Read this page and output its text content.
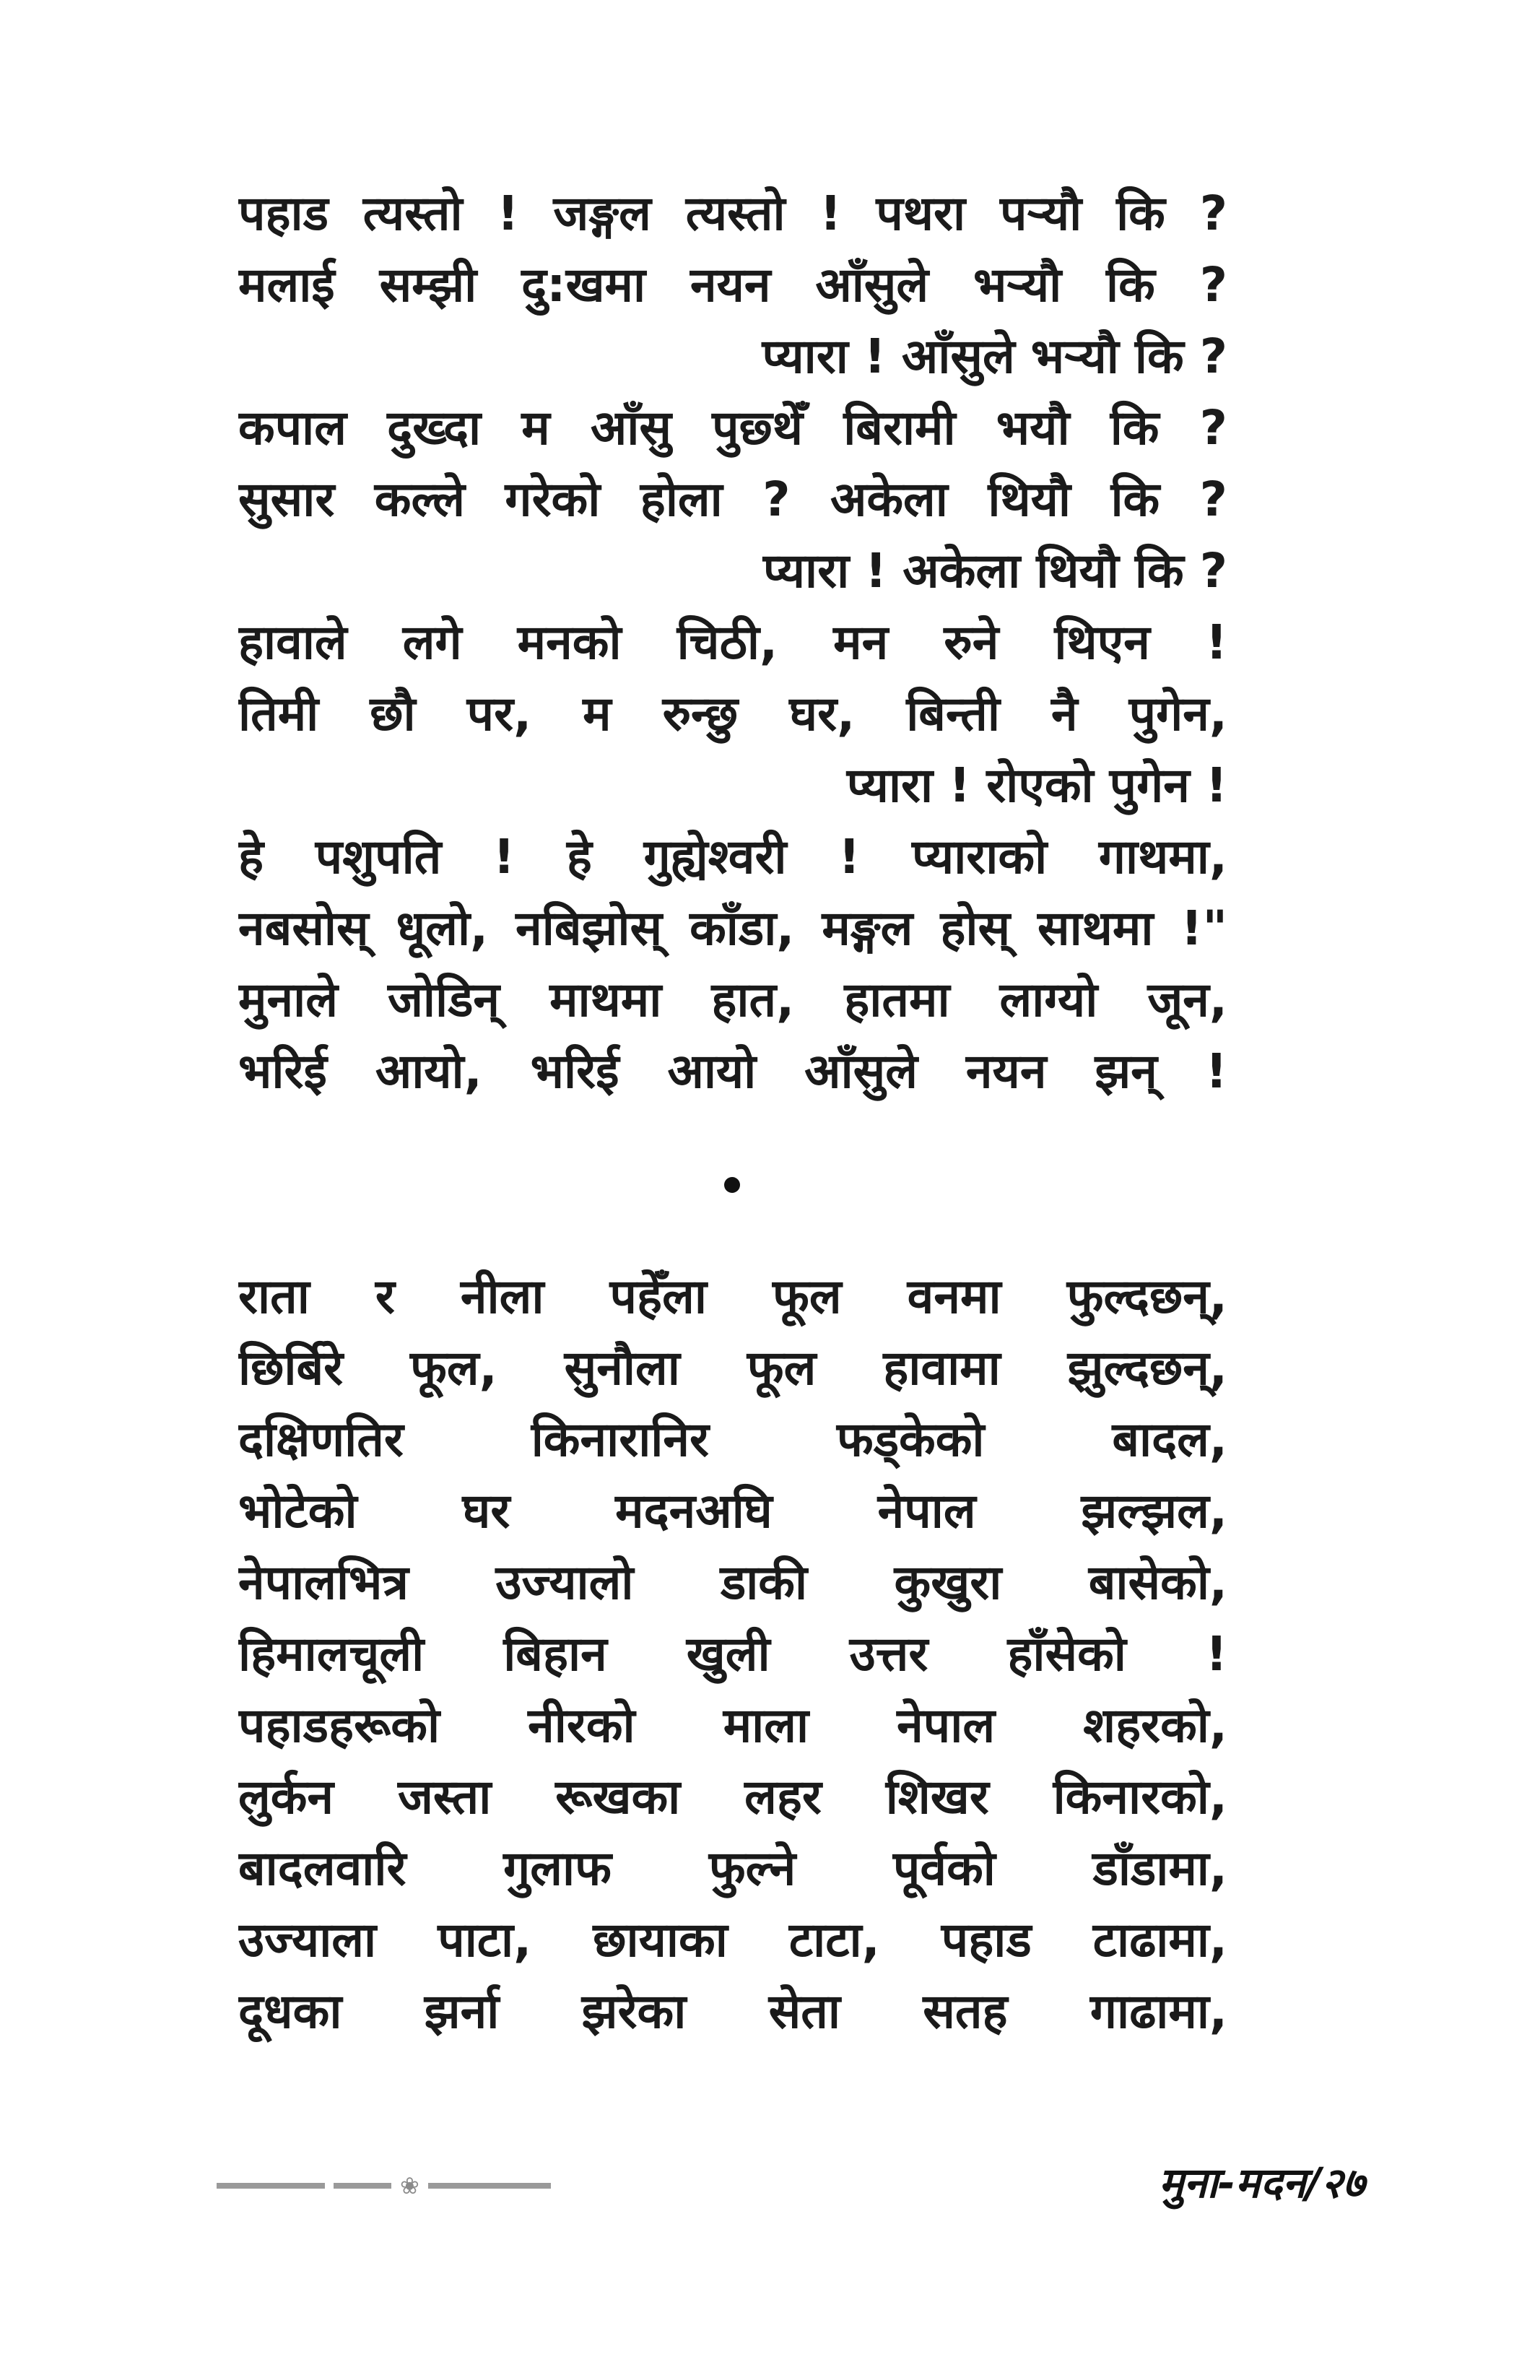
पहाड त्यस्तो ! जङ्गल त्यस्तो ! पथरा पऱ्यौ कि ?
मलाई सम्झी दु:खमा नयन आँसुले भऱ्यौ कि ?
प्यारा ! आँसुले भऱ्यौ कि ?
कपाल दुख्दा म आँसु पुछ्थेँ बिरामी भयौ कि ?
सुसार कल्ले गरेको होला ? अकेला थियौ कि ?
प्यारा ! अकेला थियौ कि ?
हावाले लगे मनको चिठी, मन रुने थिएन !
तिमी छौ पर, म रुन्छु घर, बिन्ती नै पुगेन,
प्यारा ! रोएको पुगेन !
हे पशुपति ! हे गुह्येश्वरी ! प्याराको गाथमा,
नबसोस् धूलो, नबिझोस् काँडा, मङ्गल होस् साथमा !"
मुनाले जोडिन् माथमा हात, हातमा लाग्यो जून,
भरिई आयो, भरिई आयो आँसुले नयन झन् !
राता र नीला पहेँला फूल वनमा फुल्दछन्,
छिर्बिरे फूल, सुनौला फूल हावामा झुल्दछन्,
दक्षिणतिर	किनारानिर	फड्केको	बादल,
भोटेको घर मदनअघि नेपाल झल्झल,
नेपालभित्र उज्यालो डाकी कुखुरा बासेको,
हिमालचूली बिहान खुली उत्तर हाँसेको !
पहाडहरूको नीरको माला नेपाल शहरको,
लुर्कन जस्ता रूखका लहर शिखर किनारको,
बादलवारि गुलाफ फुल्ने पूर्वको डाँडामा,
उज्याला पाटा, छायाका टाटा, पहाड टाढामा,
दूधका झर्ना झरेका सेता सतह गाढामा,
❀	मुना-मदन/२७
